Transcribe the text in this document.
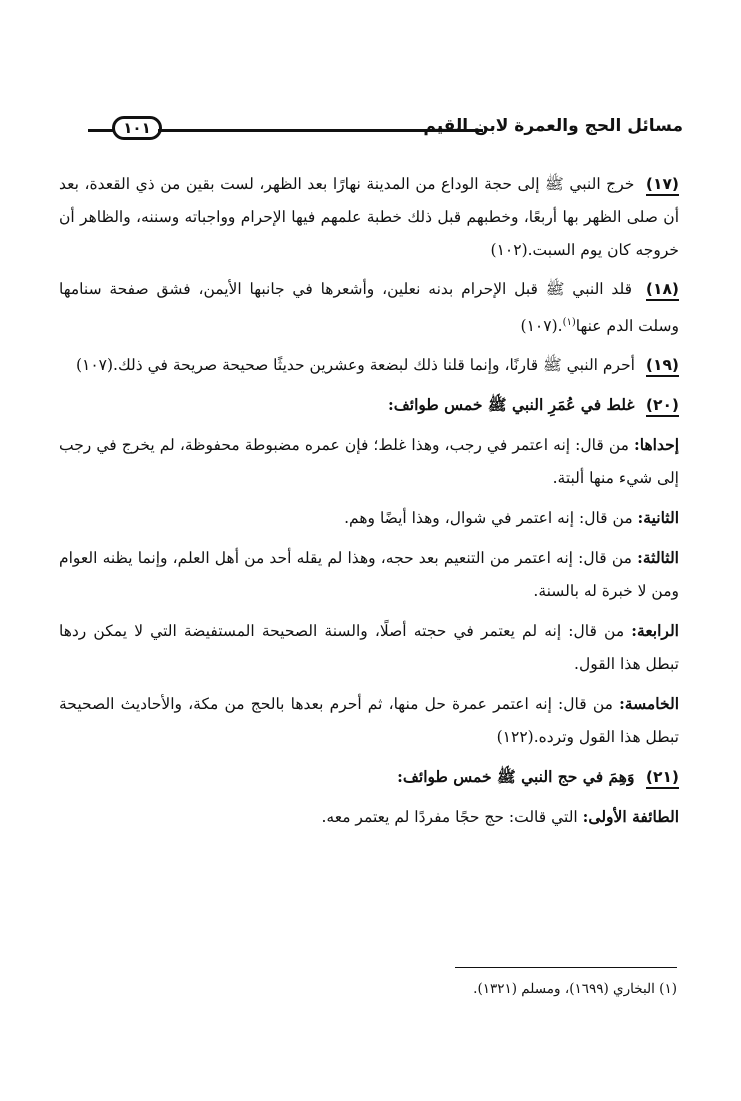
١٠١	مسائل الحج والعمرة لابن القيم

(١٧) خرج النبي ﷺ إلى حجة الوداع من المدينة نهارًا بعد الظهر، لست بقين من ذي القعدة، بعد أن صلى الظهر بها أربعًا، وخطبهم قبل ذلك خطبة علمهم فيها الإحرام وواجباته وسننه، والظاهر أن خروجه كان يوم السبت.(١٠٢)

(١٨) قلد النبي ﷺ قبل الإحرام بدنه نعلين، وأشعرها في جانبها الأيمن، فشق صفحة سنامها وسلت الدم عنها$^{(١)}$.(١٠٧)

(١٩) أحرم النبي ﷺ قارنًا، وإنما قلنا ذلك لبضعة وعشرين حديثًا صحيحة صريحة في ذلك.(١٠٧)

(٢٠) غلط في عُمَرِ النبي ﷺ خمس طوائف:

إحداها: من قال: إنه اعتمر في رجب، وهذا غلط؛ فإن عمره مضبوطة محفوظة، لم يخرج في رجب إلى شيء منها ألبتة.

الثانية: من قال: إنه اعتمر في شوال، وهذا أيضًا وهم.

الثالثة: من قال: إنه اعتمر من التنعيم بعد حجه، وهذا لم يقله أحد من أهل العلم، وإنما يظنه العوام ومن لا خبرة له بالسنة.

الرابعة: من قال: إنه لم يعتمر في حجته أصلًا، والسنة الصحيحة المستفيضة التي لا يمكن ردها تبطل هذا القول.

الخامسة: من قال: إنه اعتمر عمرة حل منها، ثم أحرم بعدها بالحج من مكة، والأحاديث الصحيحة تبطل هذا القول وترده.(١٢٢)

(٢١) وَهِمَ في حج النبي ﷺ خمس طوائف:

الطائفة الأولى: التي قالت: حج حجًا مفردًا لم يعتمر معه.

(١) البخاري (١٦٩٩)، ومسلم (١٣٢١).
